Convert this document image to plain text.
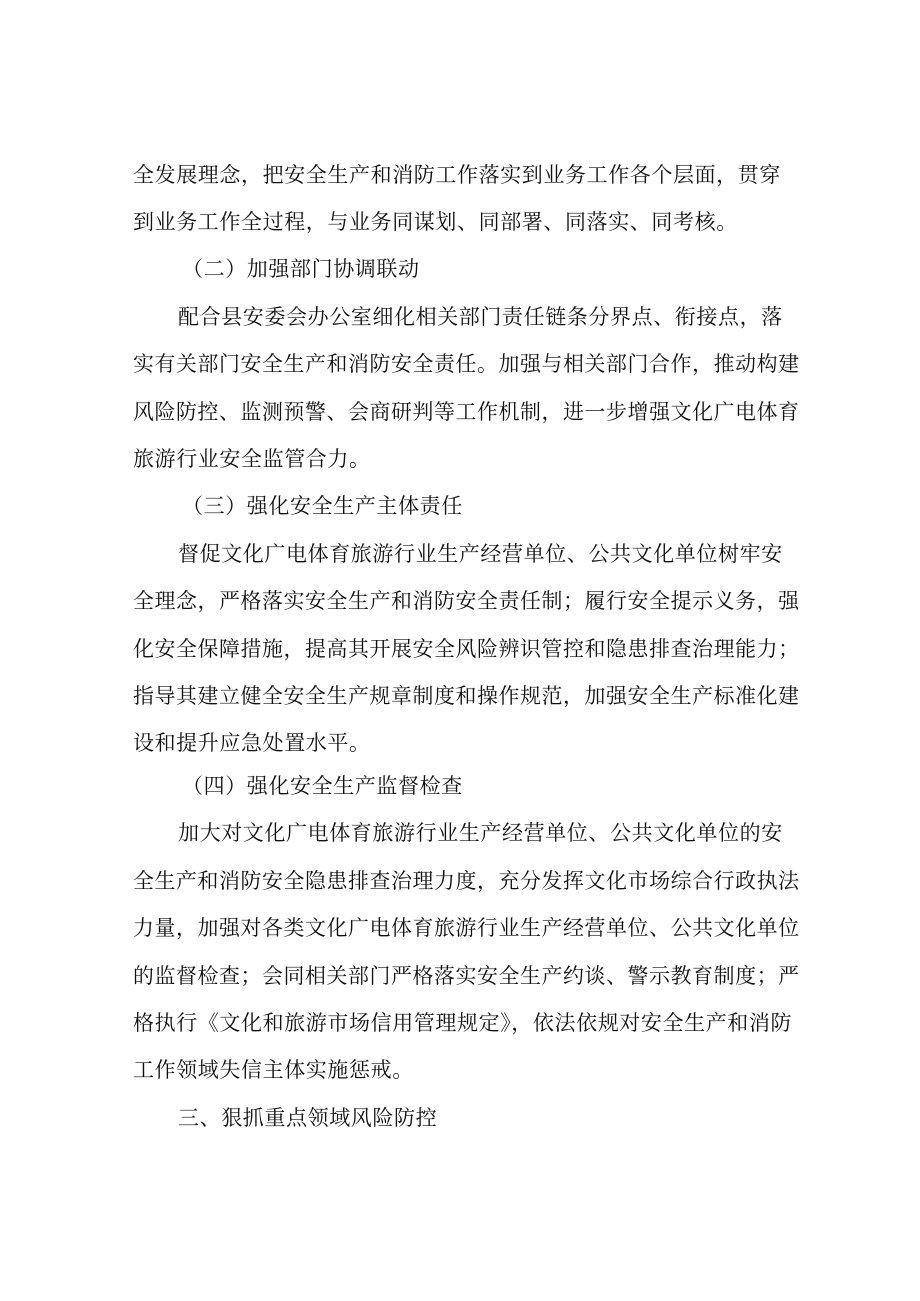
全发展理念，把安全生产和消防工作落实到业务工作各个层面，贯穿
到业务工作全过程，与业务同谋划、同部署、同落实、同考核。
（二）加强部门协调联动
配合县安委会办公室细化相关部门责任链条分界点、衔接点，落
实有关部门安全生产和消防安全责任。加强与相关部门合作，推动构建
风险防控、监测预警、会商研判等工作机制，进一步增强文化广电体育
旅游行业安全监管合力。
（三）强化安全生产主体责任
督促文化广电体育旅游行业生产经营单位、公共文化单位树牢安
全理念，严格落实安全生产和消防安全责任制；履行安全提示义务，强
化安全保障措施，提高其开展安全风险辨识管控和隐患排查治理能力；
指导其建立健全安全生产规章制度和操作规范，加强安全生产标准化建
设和提升应急处置水平。
（四）强化安全生产监督检查
加大对文化广电体育旅游行业生产经营单位、公共文化单位的安
全生产和消防安全隐患排查治理力度，充分发挥文化市场综合行政执法
力量，加强对各类文化广电体育旅游行业生产经营单位、公共文化单位
的监督检查；会同相关部门严格落实安全生产约谈、警示教育制度；严
格执行《文化和旅游市场信用管理规定》，依法依规对安全生产和消防
工作领域失信主体实施惩戒。
三、狠抓重点领域风险防控
